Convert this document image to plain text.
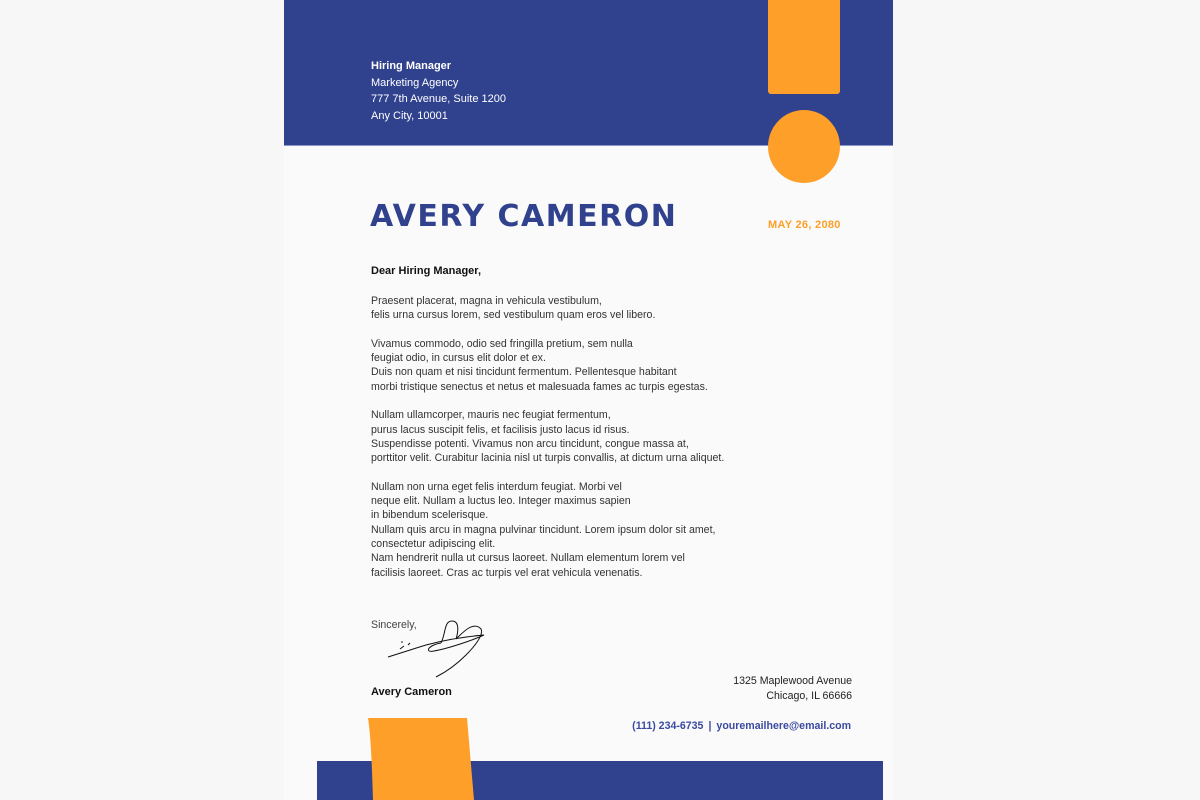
Hiring Manager
Marketing Agency
777 7th Avenue, Suite 1200
Any City, 10001
AVERY CAMERON	MAY 26, 2080
Dear Hiring Manager,

Praesent placerat, magna in vehicula vestibulum,
felis urna cursus lorem, sed vestibulum quam eros vel libero.

Vivamus commodo, odio sed fringilla pretium, sem nulla
feugiat odio, in cursus elit dolor et ex.
Duis non quam et nisi tincidunt fermentum. Pellentesque habitant
morbi tristique senectus et netus et malesuada fames ac turpis egestas.

Nullam ullamcorper, mauris nec feugiat fermentum,
purus lacus suscipit felis, et facilisis justo lacus id risus.
Suspendisse potenti. Vivamus non arcu tincidunt, congue massa at,
porttitor velit. Curabitur lacinia nisl ut turpis convallis, at dictum urna aliquet.

Nullam non urna eget felis interdum feugiat. Morbi vel
neque elit. Nullam a luctus leo. Integer maximus sapien
in bibendum scelerisque.
Nullam quis arcu in magna pulvinar tincidunt. Lorem ipsum dolor sit amet,
consectetur adipiscing elit.
Nam hendrerit nulla ut cursus laoreet. Nullam elementum lorem vel
facilisis laoreet. Cras ac turpis vel erat vehicula venenatis.

Sincerely,
Avery Cameron
1325 Maplewood Avenue
Chicago, IL 66666
(111) 234-6735 | youremailhere@email.com
